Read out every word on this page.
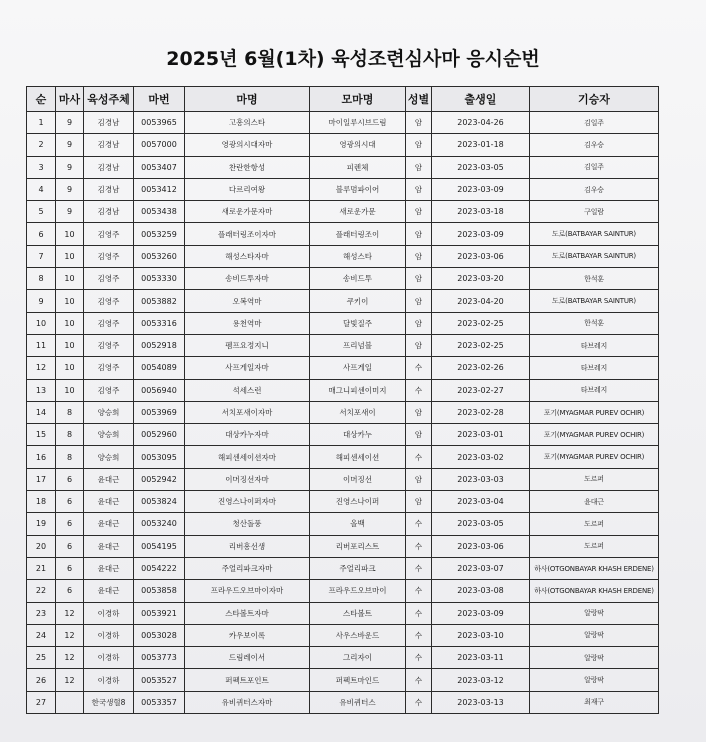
2025년 6월(1차) 육성조련심사마 응시순번
순	마사	육성주체	마번	마명	모마명	성별	출생일	기승자
1	9	김경남	0053965	고흥의스타	마이일루시브드림	암	2023-04-26	김일주
2	9	김경남	0057000	영광의시대자마	영광의시대	암	2023-01-18	김우승
3	9	김경남	0053407	찬란한항성	피렌체	암	2023-03-05	김일주
4	9	김경남	0053412	다르리여왕	블루멈파이어	암	2023-03-09	김우승
5	9	김경남	0053438	새로운가문자마	새로운가문	암	2023-03-18	구일람
6	10	김영주	0053259	플래터링조이자마	플래터링조이	암	2023-03-09	도로(BATBAYAR SAINTUR)
7	10	김영주	0053260	해성스타자마	해성스타	암	2023-03-06	도로(BATBAYAR SAINTUR)
8	10	김영주	0053330	송비드투자마	송비드투	암	2023-03-20	한석훈
9	10	김영주	0053882	오복역마	쿠키이	암	2023-04-20	도로(BATBAYAR SAINTUR)
10	10	김영주	0053316	용천역마	달빛질주	암	2023-02-25	한석훈
11	10	김영주	0052918	펨프요정지니	프리넘블	암	2023-02-25	타브레지
12	10	김영주	0054089	사프게일자마	사프게일	수	2023-02-26	타브레지
13	10	김영주	0056940	석세스런	매그니피센이미지	수	2023-02-27	타브레지
14	8	양승희	0053969	서치포새이자마	서치포새이	암	2023-02-28	포기(MYAGMAR PUREV OCHIR)
15	8	양승희	0052960	대상카누자마	대상카누	암	2023-03-01	포기(MYAGMAR PUREV OCHIR)
16	8	양승희	0053095	해피센세이션자마	해피센세이션	수	2023-03-02	포기(MYAGMAR PUREV OCHIR)
17	6	윤대근	0052942	이머징선자마	이머징선	암	2023-03-03	도르퍼
18	6	윤대근	0053824	진영스나이퍼자마	진영스나이퍼	암	2023-03-04	윤대근
19	6	윤대근	0053240	청산돌풍	올백	수	2023-03-05	도르퍼
20	6	윤대근	0054195	리버흥선생	리버포리스트	수	2023-03-06	도르퍼
21	6	윤대근	0054222	주얼리파크자마	주얼리파크	수	2023-03-07	하사(OTGONBAYAR KHASH ERDENE)
22	6	윤대근	0053858	프라우드오브마이자마	프라우드오브마이	수	2023-03-08	하사(OTGONBAYAR KHASH ERDENE)
23	12	이경하	0053921	스타볼트자마	스타볼트	수	2023-03-09	알랑팍
24	12	이경하	0053028	카우보이록	사우스바운드	수	2023-03-10	알랑팍
25	12	이경하	0053773	드림레이서	그리자이	수	2023-03-11	알랑팍
26	12	이경하	0053527	퍼펙트포인트	퍼펙트마인드	수	2023-03-12	알랑팍
27		한국생혈8	0053357	유비퀴터스자마	유비퀴터스	수	2023-03-13	최재구
